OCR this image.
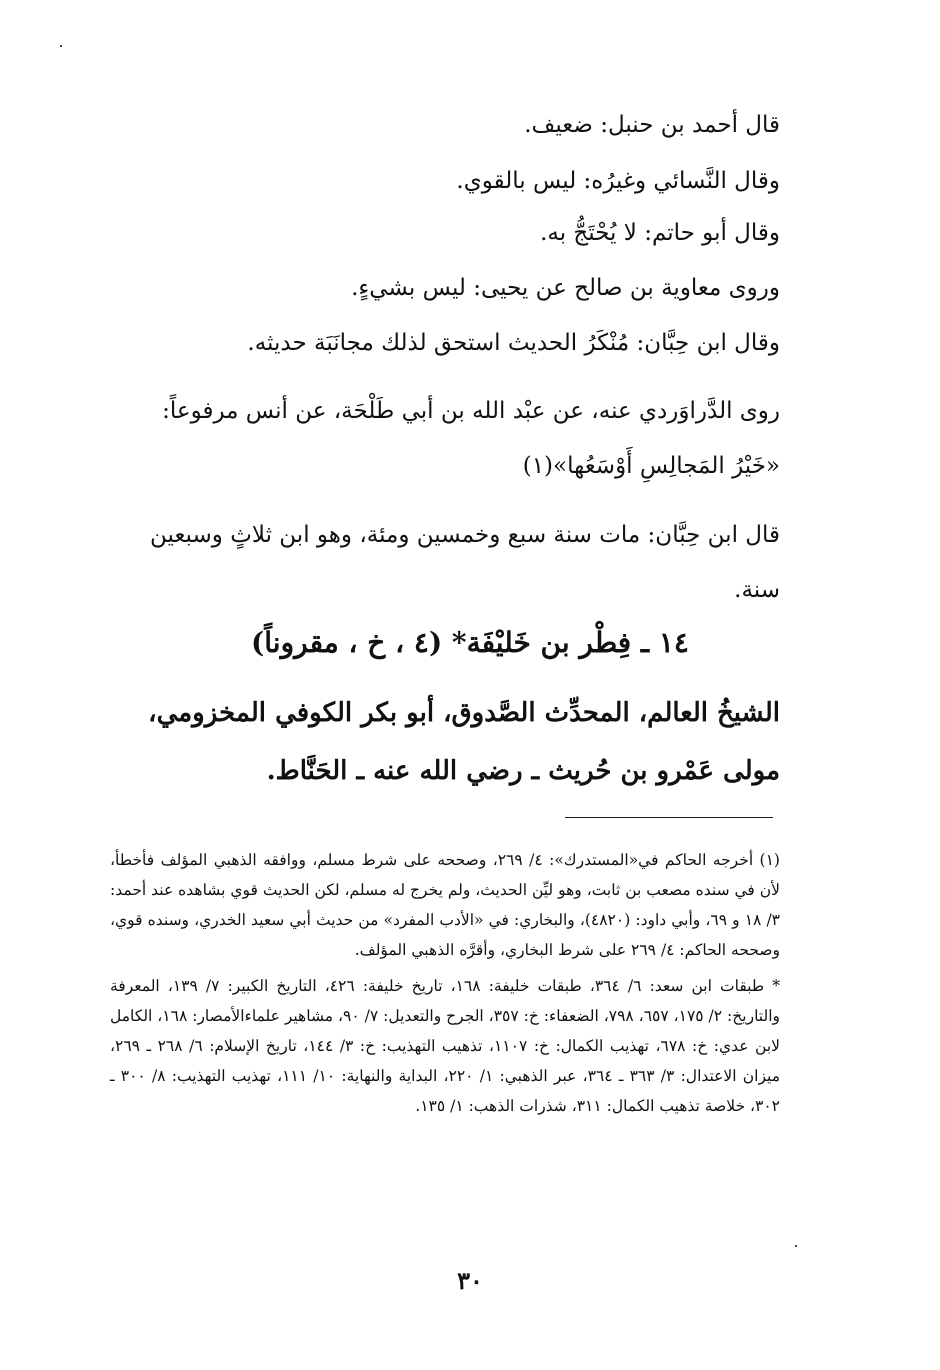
قال أحمد بن حنبل: ضعيف.
وقال النَّسائي وغيرُه: ليس بالقوي.
وقال أبو حاتم: لا يُحْتَجُّ به.
وروى معاوية بن صالح عن يحيى: ليس بشيءٍ.
وقال ابن حِبَّان: مُنْكَرُ الحديث استحق لذلك مجانَبَة حديثه.

روى الدَّراوَردي عنه، عن عبْد الله بن أبي طَلْحَة، عن أنس مرفوعاً: «خَيْرُ المَجالِسِ أَوْسَعُها»(١)

قال ابن حِبَّان: مات سنة سبع وخمسين ومئة، وهو ابن ثلاثٍ وسبعين سنة.

١٤ ـ فِطْر بن خَليْفَة* (٤ ، خ ، مقروناً)

الشيخُ العالم، المحدِّث الصَّدوق، أبو بكر الكوفي المخزومي، مولى عَمْرو بن حُريث ـ رضي الله عنه ـ الحَنَّاط.

(١) أخرجه الحاكم في«المستدرك»: ٤/ ٢٦٩، وصححه على شرط مسلم، ووافقه الذهبي المؤلف فأخطأ، لأن في سنده مصعب بن ثابت، وهو ليِّن الحديث، ولم يخرج له مسلم، لكن الحديث قوي بشاهده عند أحمد: ٣/ ١٨ و ٦٩، وأبي داود: (٤٨٢٠)، والبخاري: في «الأدب المفرد» من حديث أبي سعيد الخدري، وسنده قوي، وصححه الحاكم: ٤/ ٢٦٩ على شرط البخاري، وأقرَّه الذهبي المؤلف.

* طبقات ابن سعد: ٦/ ٣٦٤، طبقات خليفة: ١٦٨، تاريخ خليفة: ٤٢٦، التاريخ الكبير: ٧/ ١٣٩، المعرفة والتاريخ: ٢/ ١٧٥، ٦٥٧، ٧٩٨، الضعفاء: خ: ٣٥٧، الجرح والتعديل: ٧/ ٩٠، مشاهير علماءالأمصار: ١٦٨، الكامل لابن عدي: خ: ٦٧٨، تهذيب الكمال: خ: ١١٠٧، تذهيب التهذيب: خ: ٣/ ١٤٤، تاريخ الإسلام: ٦/ ٢٦٨ ـ ٢٦٩، ميزان الاعتدال: ٣/ ٣٦٣ ـ ٣٦٤، عبر الذهبي: ١/ ٢٢٠، البداية والنهاية: ١٠/ ١١١، تهذيب التهذيب: ٨/ ٣٠٠ ـ ٣٠٢، خلاصة تذهيب الكمال: ٣١١، شذرات الذهب: ١/ ١٣٥.

٣٠
